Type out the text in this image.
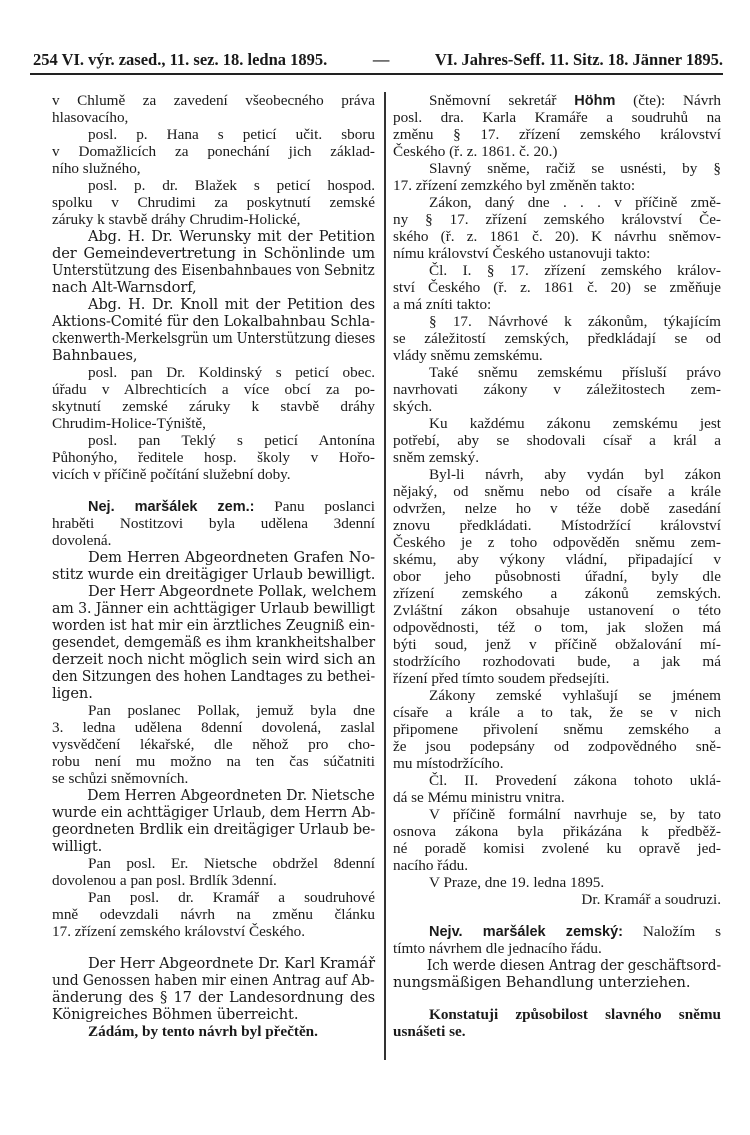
254 VI. výr. zased., 11. sez. 18. ledna 1895.	—	VI. Jahres-Seff. 11. Sitz. 18. Jänner 1895.
v Chlumě za zavedení všeobecného práva
hlasovacího,
posl. p. Hana s peticí učit. sboru
v Domažlicích za ponechání jich základ-
ního služného,
posl. p. dr. Blažek s peticí hospod.
spolku v Chrudimi za poskytnutí zemské
záruky k stavbě dráhy Chrudim-Holické,
Abg. H. Dr. Werunsky mit der Petition
der Gemeindevertretung in Schönlinde um
Unterstützung des Eisenbahnbaues von Sebnitz
nach Alt-Warnsdorf,
Abg. H. Dr. Knoll mit der Petition des
Aktions-Comité für den Lokalbahnbau Schla-
ckenwerth-Merkelsgrün um Unterstützung dieses
Bahnbaues,
posl. pan Dr. Koldinský s peticí obec.
úřadu v Albrechticích a více obcí za po-
skytnutí zemské záruky k stavbě dráhy
Chrudim-Holice-Týniště,
posl. pan Teklý s peticí Antonína
Půhonýho, ředitele hosp. školy v Hořo-
vicích v příčině počítání služební doby.
Nej. maršálek zem.: Panu poslanci
hraběti Nostitzovi byla udělena 3denní
dovolená.
Dem Herren Abgeordneten Grafen No-
stitz wurde ein dreitägiger Urlaub bewilligt.
Der Herr Abgeordnete Pollak, welchem
am 3. Jänner ein achttägiger Urlaub bewilligt
worden ist hat mir ein ärztliches Zeugniß ein-
gesendet, demgemäß es ihm krankheitshalber
derzeit noch nicht möglich sein wird sich an
den Sitzungen des hohen Landtages zu bethei-
ligen.
Pan poslanec Pollak, jemuž byla dne
3. ledna udělena 8denní dovolená, zaslal
vysvědčení lékařské, dle něhož pro cho-
robu není mu možno na ten čas súčatniti
se schůzi sněmovních.
Dem Herren Abgeordneten Dr. Nietsche
wurde ein achttägiger Urlaub, dem Herrn Ab-
geordneten Brdlik ein dreitägiger Urlaub be-
willigt.
Pan posl. Er. Nietsche obdržel 8denní
dovolenou a pan posl. Brdlík 3denní.
Pan posl. dr. Kramář a soudruhové
mně odevzdali návrh na změnu článku
17. zřízení zemského království Českého.
Der Herr Abgeordnete Dr. Karl Kramář
und Genossen haben mir einen Antrag auf Ab-
änderung des § 17 der Landesordnung des
Königreiches Böhmen überreicht.
Zádám, by tento návrh byl přečtěn.
Sněmovní sekretář Höhm (čte): Návrh
posl. dra. Karla Kramáře a soudruhů na
změnu § 17. zřízení zemského království
Českého (ř. z. 1861. č. 20.)
Slavný sněme, račiž se usnésti, by §
17. zřízení zemzkého byl změněn takto:
Zákon, daný dne . . . v příčině změ-
ny § 17. zřízení zemského království Če-
ského (ř. z. 1861 č. 20). K návrhu sněmov-
nímu království Českého ustanovuji takto:
Čl. I. § 17. zřízení zemského králov-
ství Českého (ř. z. 1861 č. 20) se změňuje
a má zníti takto:
§ 17. Návrhové k zákonům, týkajícím
se záležitostí zemských, předkládají se od
vlády sněmu zemskému.
Také sněmu zemskému přísluší právo
navrhovati zákony v záležitostech zem-
ských.
Ku každému zákonu zemskému jest
potřebí, aby se shodovali císař a král a
sněm zemský.
Byl-li návrh, aby vydán byl zákon
nějaký, od sněmu nebo od císaře a krále
odvržen, nelze ho v téže době zasedání
znovu předkládati. Místodržící království
Českého je z toho odpověděn sněmu zem-
skému, aby výkony vládní, připadající v
obor jeho působnosti úřadní, byly dle
zřízení zemského a zákonů zemských.
Zvláštní zákon obsahuje ustanovení o této
odpovědnosti, též o tom, jak složen má
býti soud, jenž v příčině obžalování mí-
stodržícího rozhodovati bude, a jak má
řízení před tímto soudem předsejíti.
Zákony zemské vyhlašují se jménem
císaře a krále a to tak, že se v nich
připomene přivolení sněmu zemského a
že jsou podepsány od zodpovědného sně-
mu místodržícího.
Čl. II. Provedení zákona tohoto uklá-
dá se Mému ministru vnitra.
V příčině formální navrhuje se, by tato
osnova zákona byla přikázána k předběž-
né poradě komisi zvolené ku opravě jed-
nacího řádu.
V Praze, dne 19. ledna 1895.
Dr. Kramář a soudruzi.
Nejv. maršálek zemský: Naložím s
tímto návrhem dle jednacího řádu.
Ich werde diesen Antrag der geschäftsord-
nungsmäßigen Behandlung unterziehen.
Konstatuji způsobilost slavného sněmu
usnášeti se.
